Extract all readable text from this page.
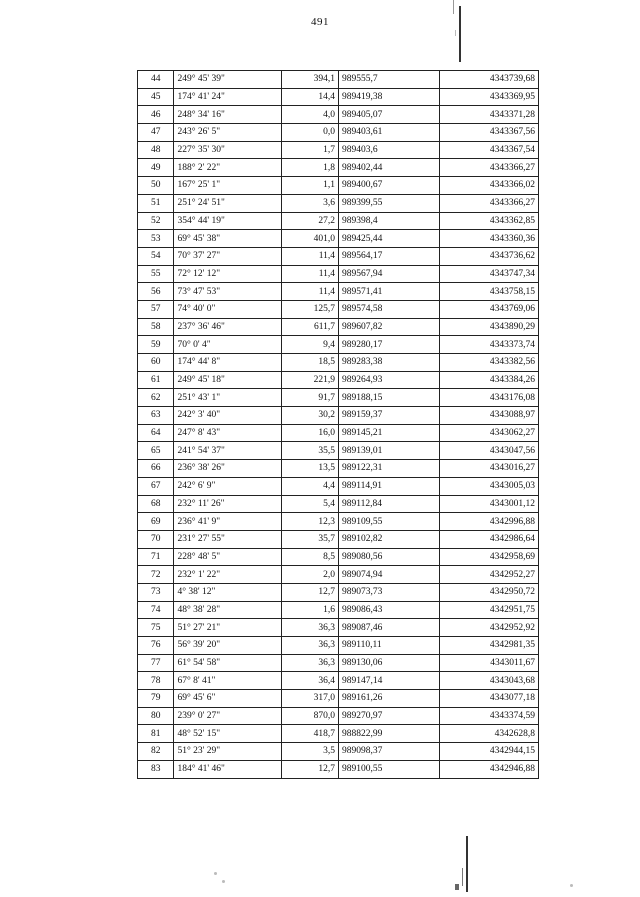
491
44	249° 45' 39"	394,1	989555,7	4343739,68
45	174° 41' 24"	14,4	989419,38	4343369,95
46	248° 34' 16"	4,0	989405,07	4343371,28
47	243° 26' 5"	0,0	989403,61	4343367,56
48	227° 35' 30"	1,7	989403,6	4343367,54
49	188° 2' 22"	1,8	989402,44	4343366,27
50	167° 25' 1"	1,1	989400,67	4343366,02
51	251° 24' 51"	3,6	989399,55	4343366,27
52	354° 44' 19"	27,2	989398,4	4343362,85
53	69° 45' 38"	401,0	989425,44	4343360,36
54	70° 37' 27"	11,4	989564,17	4343736,62
55	72° 12' 12"	11,4	989567,94	4343747,34
56	73° 47' 53"	11,4	989571,41	4343758,15
57	74° 40' 0"	125,7	989574,58	4343769,06
58	237° 36' 46"	611,7	989607,82	4343890,29
59	70° 0' 4"	9,4	989280,17	4343373,74
60	174° 44' 8"	18,5	989283,38	4343382,56
61	249° 45' 18"	221,9	989264,93	4343384,26
62	251° 43' 1"	91,7	989188,15	4343176,08
63	242° 3' 40"	30,2	989159,37	4343088,97
64	247° 8' 43"	16,0	989145,21	4343062,27
65	241° 54' 37"	35,5	989139,01	4343047,56
66	236° 38' 26"	13,5	989122,31	4343016,27
67	242° 6' 9"	4,4	989114,91	4343005,03
68	232° 11' 26"	5,4	989112,84	4343001,12
69	236° 41' 9"	12,3	989109,55	4342996,88
70	231° 27' 55"	35,7	989102,82	4342986,64
71	228° 48' 5"	8,5	989080,56	4342958,69
72	232° 1' 22"	2,0	989074,94	4342952,27
73	4° 38' 12"	12,7	989073,73	4342950,72
74	48° 38' 28"	1,6	989086,43	4342951,75
75	51° 27' 21"	36,3	989087,46	4342952,92
76	56° 39' 20"	36,3	989110,11	4342981,35
77	61° 54' 58"	36,3	989130,06	4343011,67
78	67° 8' 41"	36,4	989147,14	4343043,68
79	69° 45' 6"	317,0	989161,26	4343077,18
80	239° 0' 27"	870,0	989270,97	4343374,59
81	48° 52' 15"	418,7	988822,99	4342628,8
82	51° 23' 29"	3,5	989098,37	4342944,15
83	184° 41' 46"	12,7	989100,55	4342946,88
